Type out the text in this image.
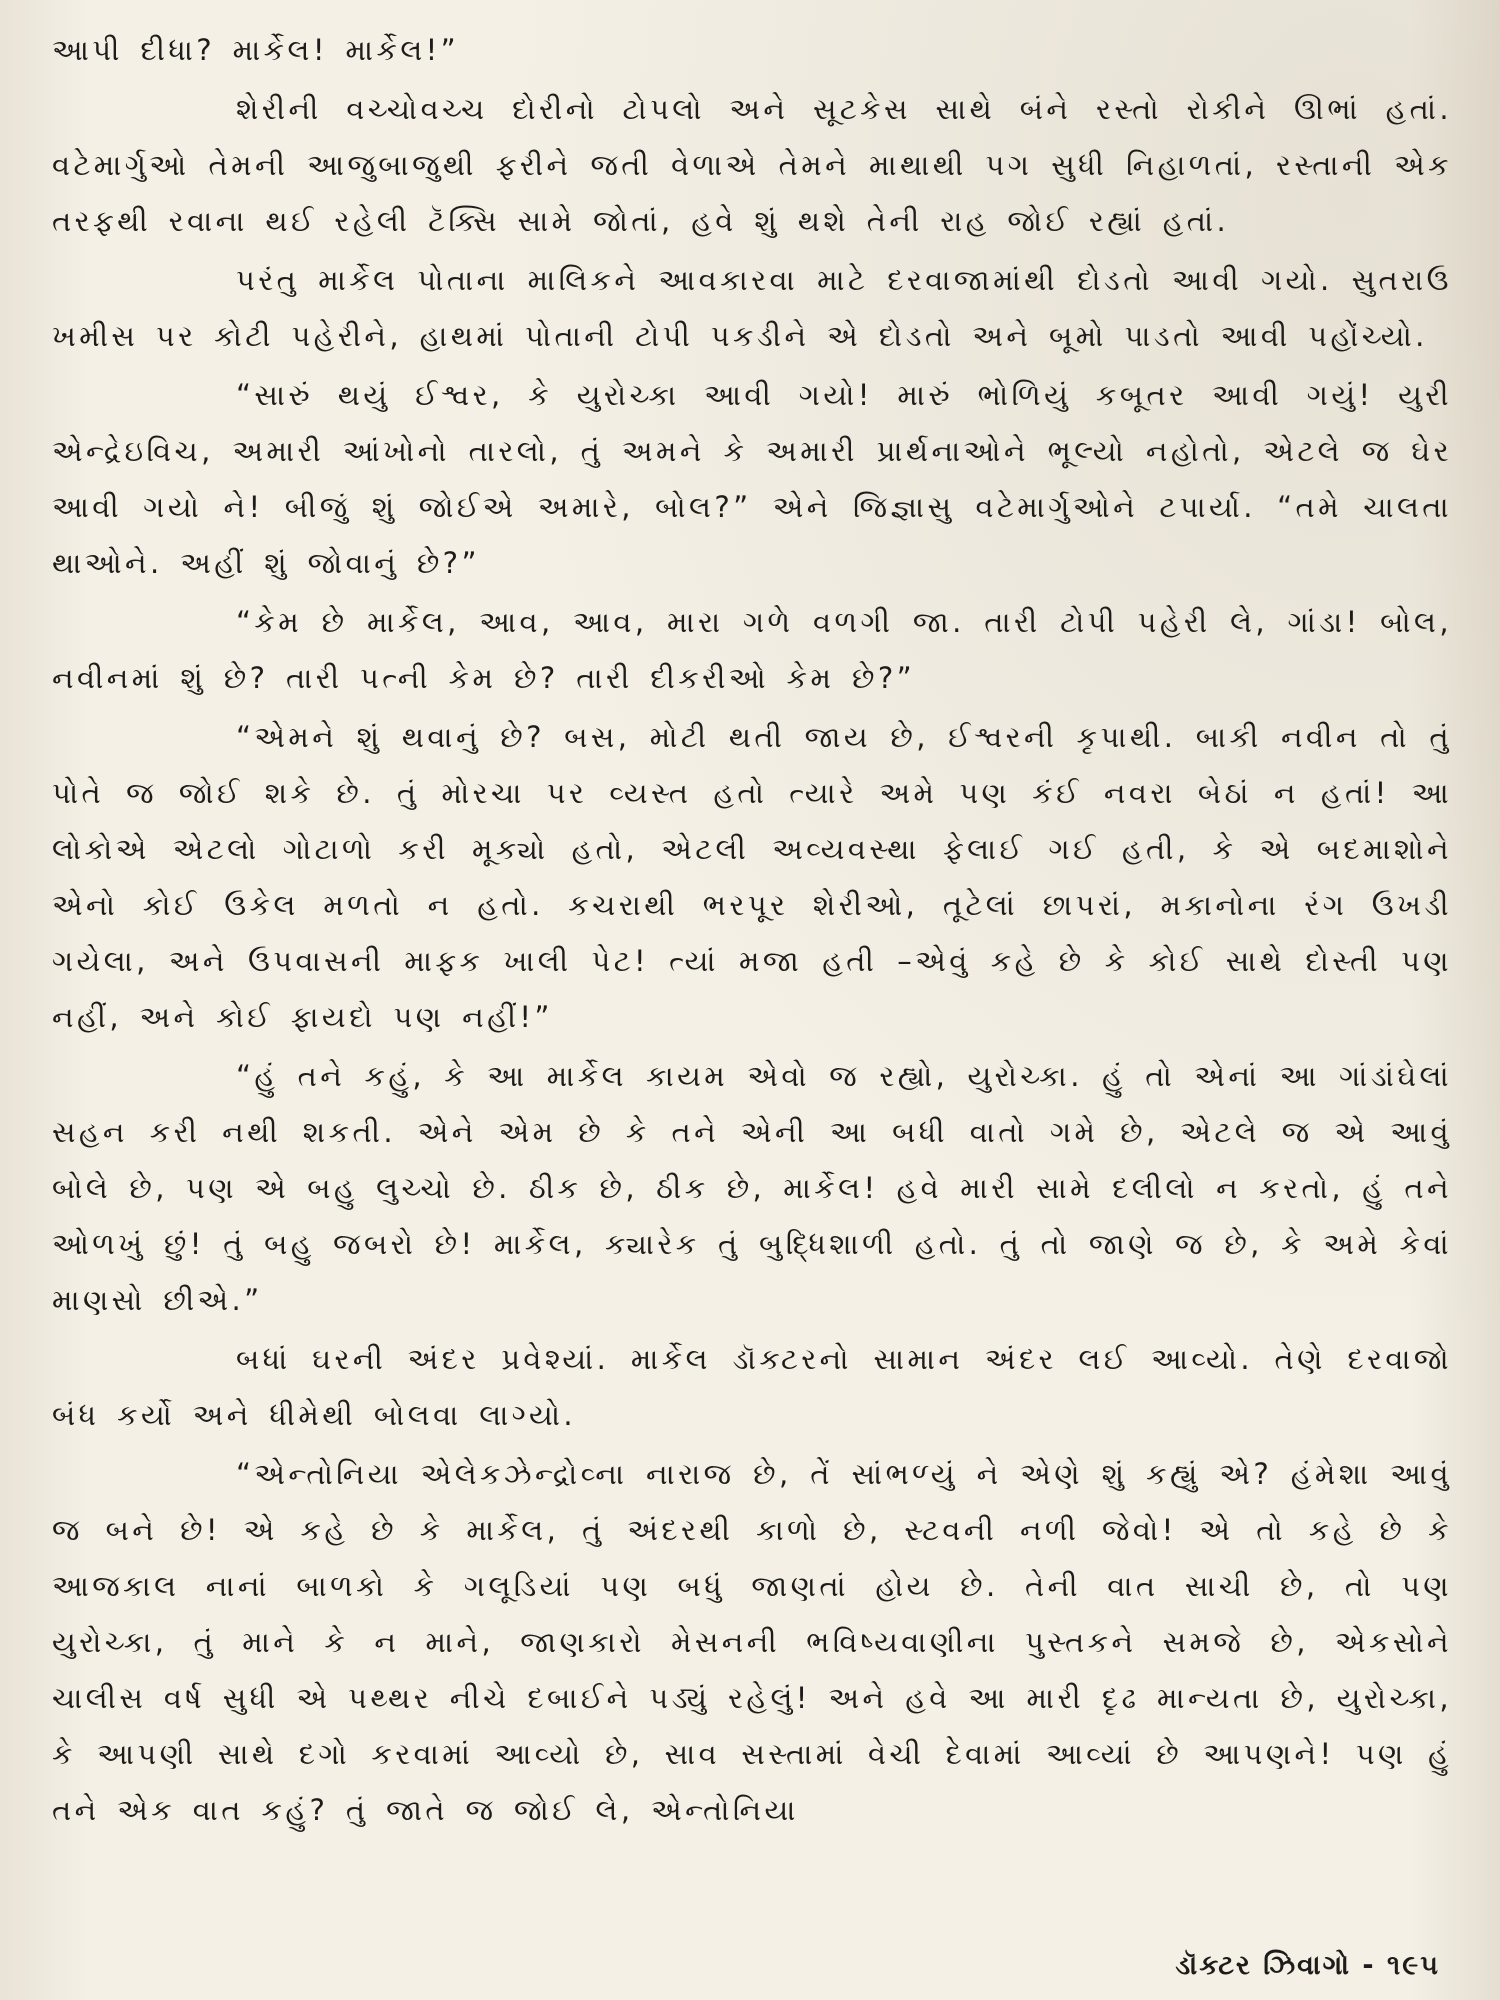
આપી દીધા? માર્કેલ! માર્કેલ!”

શેરીની વચ્ચોવચ્ચ દોરીનો ટોપલો અને સૂટકેસ સાથે બંને રસ્તો રોકીને ઊભાં હતાં. વટેમાર્ગુઓ તેમની આજુબાજુથી ફરીને જતી વેળાએ તેમને માથાથી પગ સુધી નિહાળતાં, રસ્તાની એક તરફથી રવાના થઈ રહેલી ટૅક્સિ સામે જોતાં, હવે શું થશે તેની રાહ જોઈ રહ્યાં હતાં.

પરંતુ માર્કેલ પોતાના માલિકને આવકારવા માટે દરવાજામાંથી દોડતો આવી ગયો. સુતરાઉ ખમીસ પર કોટી પહેરીને, હાથમાં પોતાની ટોપી પકડીને એ દોડતો અને બૂમો પાડતો આવી પહોંચ્યો.

“સારું થયું ઈશ્વર, કે યુરોચ્કા આવી ગયો! મારું ભોળિયું કબૂતર આવી ગયું! યુરી એન્દ્રેઇવિચ, અમારી આંખોનો તારલો, તું અમને કે અમારી પ્રાર્થનાઓને ભૂલ્યો નહોતો, એટલે જ ઘેર આવી ગયો ને! બીજું શું જોઈએ અમારે, બોલ?” એને જિજ્ઞાસુ વટેમાર્ગુઓને ટપાર્યા. “તમે ચાલતા થાઓને. અહીં શું જોવાનું છે?”

“કેમ છે માર્કેલ, આવ, આવ, મારા ગળે વળગી જા. તારી ટોપી પહેરી લે, ગાંડા! બોલ, નવીનમાં શું છે? તારી પત્ની કેમ છે? તારી દીકરીઓ કેમ છે?”

“એમને શું થવાનું છે? બસ, મોટી થતી જાય છે, ઈશ્વરની કૃપાથી. બાકી નવીન તો તું પોતે જ જોઈ શકે છે. તું મોરચા પર વ્યસ્ત હતો ત્યારે અમે પણ કંઈ નવરા બેઠાં ન હતાં! આ લોકોએ એટલો ગોટાળો કરી મૂક્યો હતો, એટલી અવ્યવસ્થા ફેલાઈ ગઈ હતી, કે એ બદમાશોને એનો કોઈ ઉકેલ મળતો ન હતો. કચરાથી ભરપૂર શેરીઓ, તૂટેલાં છાપરાં, મકાનોના રંગ ઉખડી ગયેલા, અને ઉપવાસની માફક ખાલી પેટ! ત્યાં મજા હતી –એવું કહે છે કે કોઈ સાથે દોસ્તી પણ નહીં, અને કોઈ ફાયદો પણ નહીં!”

“હું તને કહું, કે આ માર્કેલ કાયમ એવો જ રહ્યો, યુરોચ્કા. હું તો એનાં આ ગાંડાંઘેલાં સહન કરી નથી શકતી. એને એમ છે કે તને એની આ બધી વાતો ગમે છે, એટલે જ એ આવું બોલે છે, પણ એ બહુ લુચ્ચો છે. ઠીક છે, ઠીક છે, માર્કેલ! હવે મારી સામે દલીલો ન કરતો, હું તને ઓળખું છું! તું બહુ જબરો છે! માર્કેલ, ક્યારેક તું બુદ્ધિશાળી હતો. તું તો જાણે જ છે, કે અમે કેવાં માણસો છીએ.”

બધાં ઘરની અંદર પ્રવેશ્યાં. માર્કેલ ડૉક્ટરનો સામાન અંદર લઈ આવ્યો. તેણે દરવાજો બંધ કર્યો અને ધીમેથી બોલવા લાગ્યો.

“એન્તોનિયા એલેકઝેન્દ્રોવ્ના નારાજ છે, તેં સાંભળ્યું ને એણે શું કહ્યું એ? હંમેશા આવું જ બને છે! એ કહે છે કે માર્કેલ, તું અંદરથી કાળો છે, સ્ટવની નળી જેવો! એ તો કહે છે કે આજકાલ નાનાં બાળકો કે ગલૂડિયાં પણ બધું જાણતાં હોય છે. તેની વાત સાચી છે, તો પણ યુરોચ્કા, તું માને કે ન માને, જાણકારો મેસનની ભવિષ્યવાણીના પુસ્તકને સમજે છે, એકસોને ચાલીસ વર્ષ સુધી એ પથ્થર નીચે દબાઈને પડ્યું રહેલું! અને હવે આ મારી દૃઢ માન્યતા છે, યુરોચ્કા, કે આપણી સાથે દગો કરવામાં આવ્યો છે, સાવ સસ્તામાં વેચી દેવામાં આવ્યાં છે આપણને! પણ હું તને એક વાત કહું? તું જાતે જ જોઈ લે, એન્તોનિયા

ડૉક્ટર ઝિવાગો - ૧૯૫
